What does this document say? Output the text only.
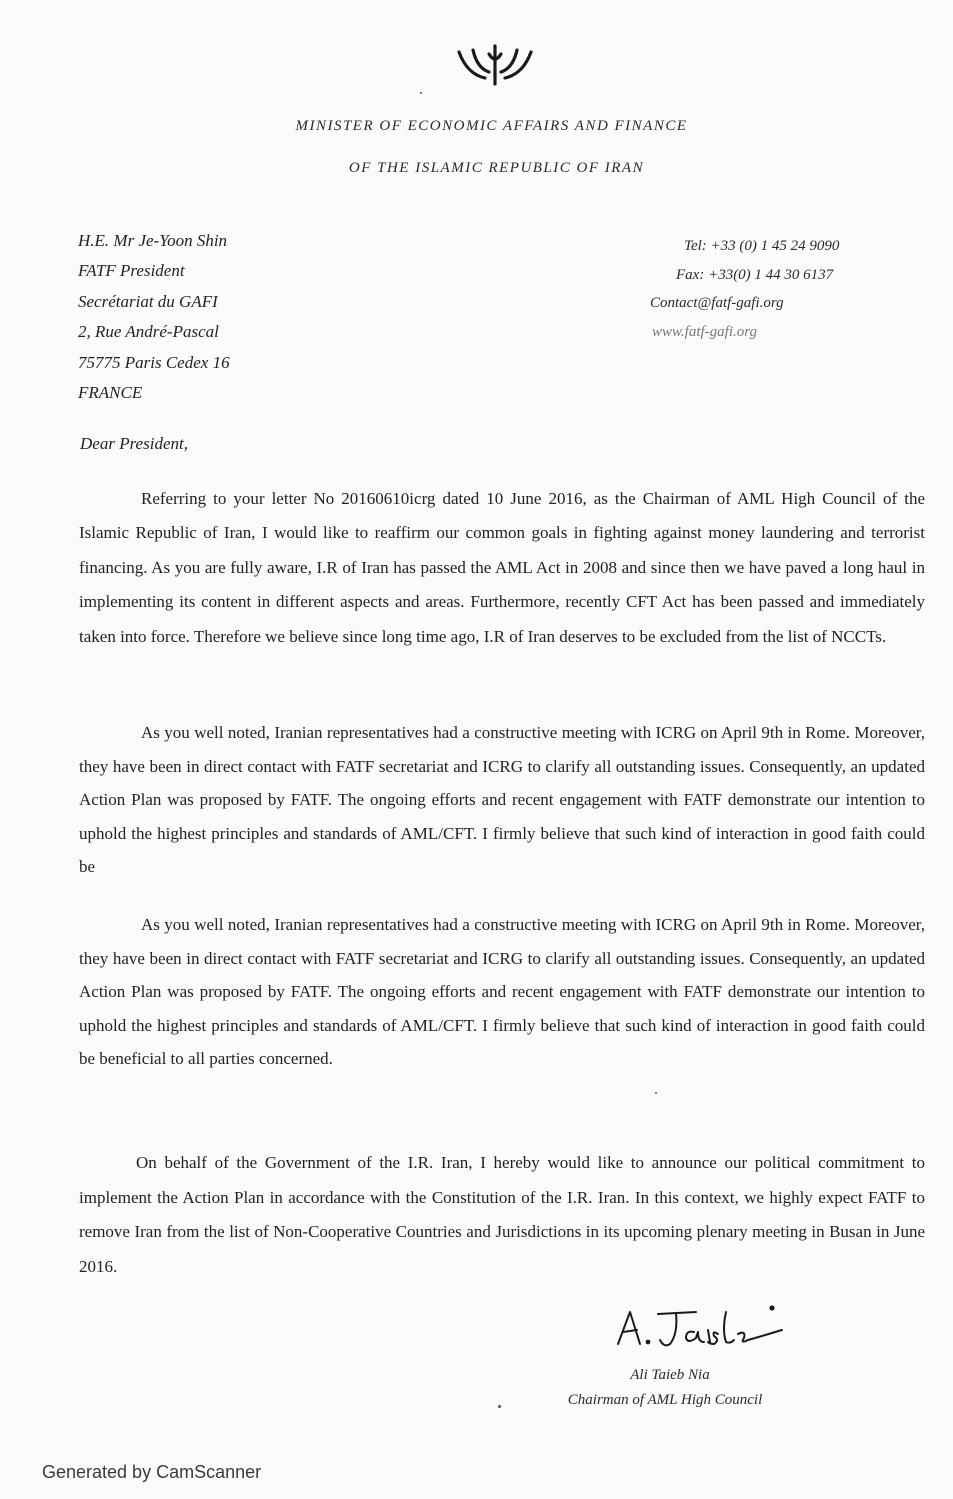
MINISTER OF ECONOMIC AFFAIRS AND FINANCE
OF THE ISLAMIC REPUBLIC OF IRAN
H.E. Mr Je-Yoon Shin
FATF President
Secrétariat du GAFI
2, Rue André-Pascal
75775 Paris Cedex 16
FRANCE
Tel: +33 (0) 1 45 24 9090
Fax: +33(0) 1 44 30 6137
Contact@fatf-gafi.org
www.fatf-gafi.org
Dear President,
Referring to your letter No 20160610icrg dated 10 June 2016, as the Chairman of AML High Council of the Islamic Republic of Iran, I would like to reaffirm our common goals in fighting against money laundering and terrorist financing. As you are fully aware, I.R of Iran has passed the AML Act in 2008 and since then we have paved a long haul in implementing its content in different aspects and areas. Furthermore, recently CFT Act has been passed and immediately taken into force. Therefore we believe since long time ago, I.R of Iran deserves to be excluded from the list of NCCTs.
As you well noted, Iranian representatives had a constructive meeting with ICRG on April 9th in Rome. Moreover, they have been in direct contact with FATF secretariat and ICRG to clarify all outstanding issues. Consequently, an updated Action Plan was proposed by FATF. The ongoing efforts and recent engagement with FATF demonstrate our intention to uphold the highest principles and standards of AML/CFT. I firmly believe that such kind of interaction in good faith could be
As you well noted, Iranian representatives had a constructive meeting with ICRG on April 9th in Rome. Moreover, they have been in direct contact with FATF secretariat and ICRG to clarify all outstanding issues. Consequently, an updated Action Plan was proposed by FATF. The ongoing efforts and recent engagement with FATF demonstrate our intention to uphold the highest principles and standards of AML/CFT. I firmly believe that such kind of interaction in good faith could be beneficial to all parties concerned.
On behalf of the Government of the I.R. Iran, I hereby would like to announce our political commitment to implement the Action Plan in accordance with the Constitution of the I.R. Iran. In this context, we highly expect FATF to remove Iran from the list of Non-Cooperative Countries and Jurisdictions in its upcoming plenary meeting in Busan in June 2016.
Ali Taieb Nia
Chairman of AML High Council
Generated by CamScanner
